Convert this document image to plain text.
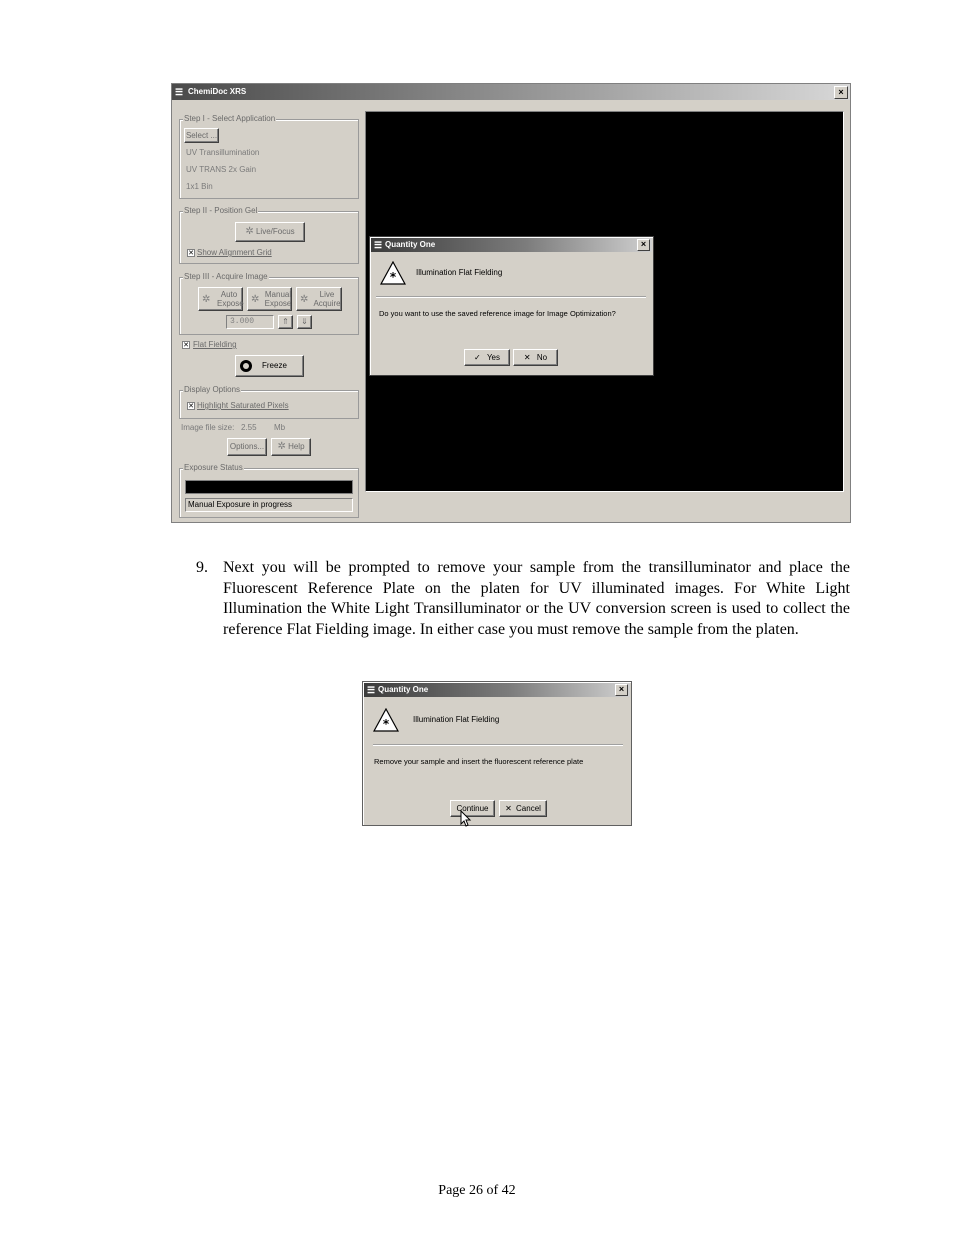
☰ ChemiDoc XRS	×
Step I - Select Application
Select ...
UV Transillumination
UV TRANS 2x Gain
1x1 Bin
Step II - Position Gel
✲ Live/Focus
✕ Show Alignment Grid
Step III - Acquire Image
✲	Auto
Expose ✲ Manual
Expose ✲	Live
Acquire
3.000	⇑	⇓
✕ Flat Fielding
Freeze
Display Options
✕ Highlight Saturated Pixels
Image file size: 2.55 Mb
Options...	✲ Help
Exposure Status
Manual Exposure in progress
☰ Quantity One	×
* Illumination Flat Fielding
Do you want to use the saved reference image for Image Optimization?
✓ Yes	✕ No
9. Next you will be prompted to remove your sample from the transilluminator and place the Fluorescent Reference Plate on the platen for UV illuminated images. For White Light Illumination the White Light Transilluminator or the UV conversion screen is used to collect the reference Flat Fielding image. In either case you must remove the sample from the platen.

☰ Quantity One	×
*	Illumination Flat Fielding
Remove your sample and insert the fluorescent reference plate
Continue	✕ Cancel
Page 26 of 42
